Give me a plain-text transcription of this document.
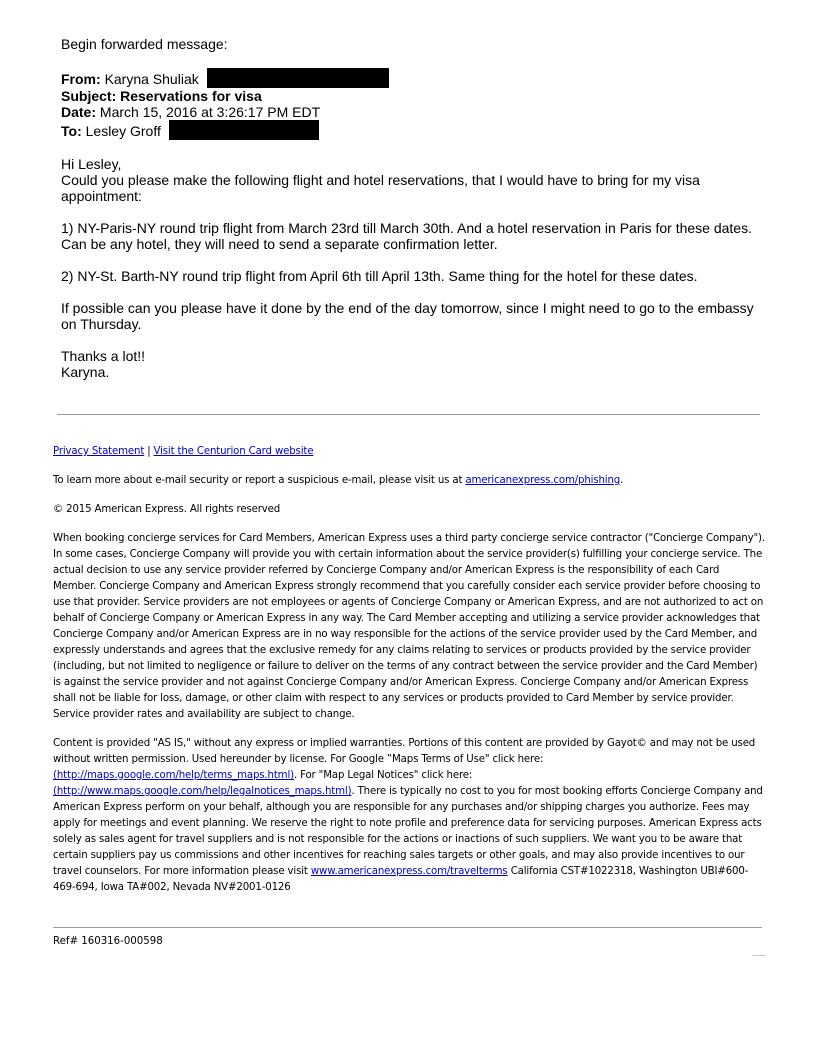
Begin forwarded message:

From: Karyna Shuliak

Subject: Reservations for visa

Date: March 15, 2016 at 3:26:17 PM EDT

To: Lesley Groff

Hi Lesley,

Could you please make the following flight and hotel reservations, that I would have to bring for my visa appointment:

1) NY-Paris-NY round trip flight from March 23rd till March 30th. And a hotel reservation in Paris for these dates. Can be any hotel, they will need to send a separate confirmation letter.

2) NY-St. Barth-NY round trip flight from April 6th till April 13th. Same thing for the hotel for these dates.

If possible can you please have it done by the end of the day tomorrow, since I might need to go to the embassy on Thursday.

Thanks a lot!!

Karyna.

Privacy Statement | Visit the Centurion Card website

To learn more about e-mail security or report a suspicious e-mail, please visit us at americanexpress.com/phishing.

© 2015 American Express. All rights reserved

When booking concierge services for Card Members, American Express uses a third party concierge service contractor ("Concierge Company"). In some cases, Concierge Company will provide you with certain information about the service provider(s) fulfilling your concierge service. The actual decision to use any service provider referred by Concierge Company and/or American Express is the responsibility of each Card Member. Concierge Company and American Express strongly recommend that you carefully consider each service provider before choosing to use that provider. Service providers are not employees or agents of Concierge Company or American Express, and are not authorized to act on behalf of Concierge Company or American Express in any way. The Card Member accepting and utilizing a service provider acknowledges that Concierge Company and/or American Express are in no way responsible for the actions of the service provider used by the Card Member, and expressly understands and agrees that the exclusive remedy for any claims relating to services or products provided by the service provider (including, but not limited to negligence or failure to deliver on the terms of any contract between the service provider and the Card Member) is against the service provider and not against Concierge Company and/or American Express. Concierge Company and/or American Express shall not be liable for loss, damage, or other claim with respect to any services or products provided to Card Member by service provider. Service provider rates and availability are subject to change.

Content is provided "AS IS," without any express or implied warranties. Portions of this content are provided by Gayot© and may not be used without written permission. Used hereunder by license. For Google ‟Maps Terms of Use" click here: (http://maps.google.com/help/terms_maps.html). For "Map Legal Notices" click here: (http://www.maps.google.com/help/legalnotices_maps.html). There is typically no cost to you for most booking efforts Concierge Company and American Express perform on your behalf, although you are responsible for any purchases and/or shipping charges you authorize. Fees may apply for meetings and event planning. We reserve the right to note profile and preference data for servicing purposes. American Express acts solely as sales agent for travel suppliers and is not responsible for the actions or inactions of such suppliers. We want you to be aware that certain suppliers pay us commissions and other incentives for reaching sales targets or other goals, and may also provide incentives to our travel counselors. For more information please visit www.americanexpress.com/travelterms California CST#1022318, Washington UBI#600-469-694, Iowa TA#002, Nevada NV#2001-0126

Ref# 160316-000598
